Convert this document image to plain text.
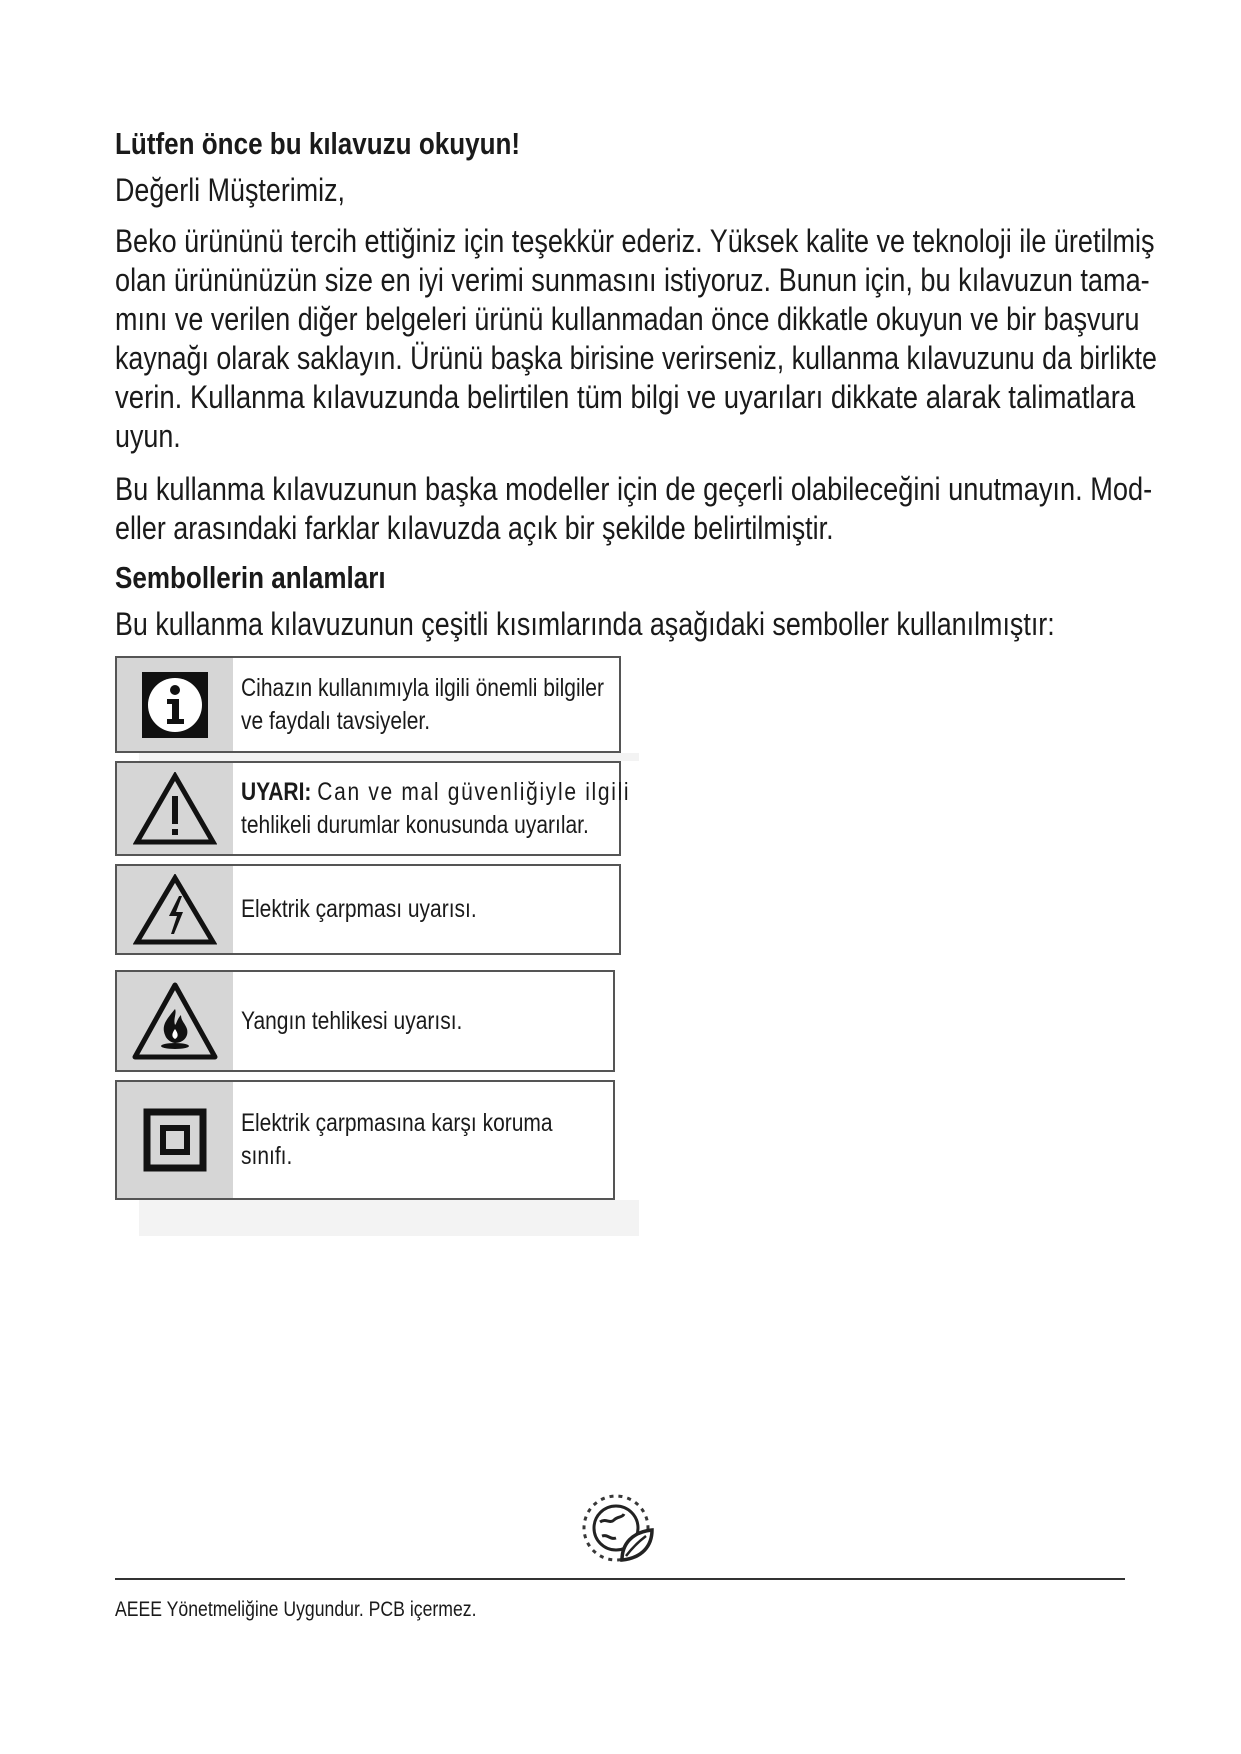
Lütfen önce bu kılavuzu okuyun!
Değerli Müşterimiz,
Beko ürününü tercih ettiğiniz için teşekkür ederiz. Yüksek kalite ve teknoloji ile üretilmiş
olan ürününüzün size en iyi verimi sunmasını istiyoruz. Bunun için, bu kılavuzun tama-
mını ve verilen diğer belgeleri ürünü kullanmadan önce dikkatle okuyun ve bir başvuru
kaynağı olarak saklayın. Ürünü başka birisine verirseniz, kullanma kılavuzunu da birlikte
verin. Kullanma kılavuzunda belirtilen tüm bilgi ve uyarıları dikkate alarak talimatlara
uyun.
Bu kullanma kılavuzunun başka modeller için de geçerli olabileceğini unutmayın. Mod-
eller arasındaki farklar kılavuzda açık bir şekilde belirtilmiştir.
Sembollerin anlamları
Bu kullanma kılavuzunun çeşitli kısımlarında aşağıdaki semboller kullanılmıştır:
Cihazın kullanımıyla ilgili önemli bilgiler
ve faydalı tavsiyeler.
UYARI: Can ve mal güvenliğiyle ilgili
tehlikeli durumlar konusunda uyarılar.
Elektrik çarpması uyarısı.
Yangın tehlikesi uyarısı.
Elektrik çarpmasına karşı koruma
sınıfı.
AEEE Yönetmeliğine Uygundur. PCB içermez.
